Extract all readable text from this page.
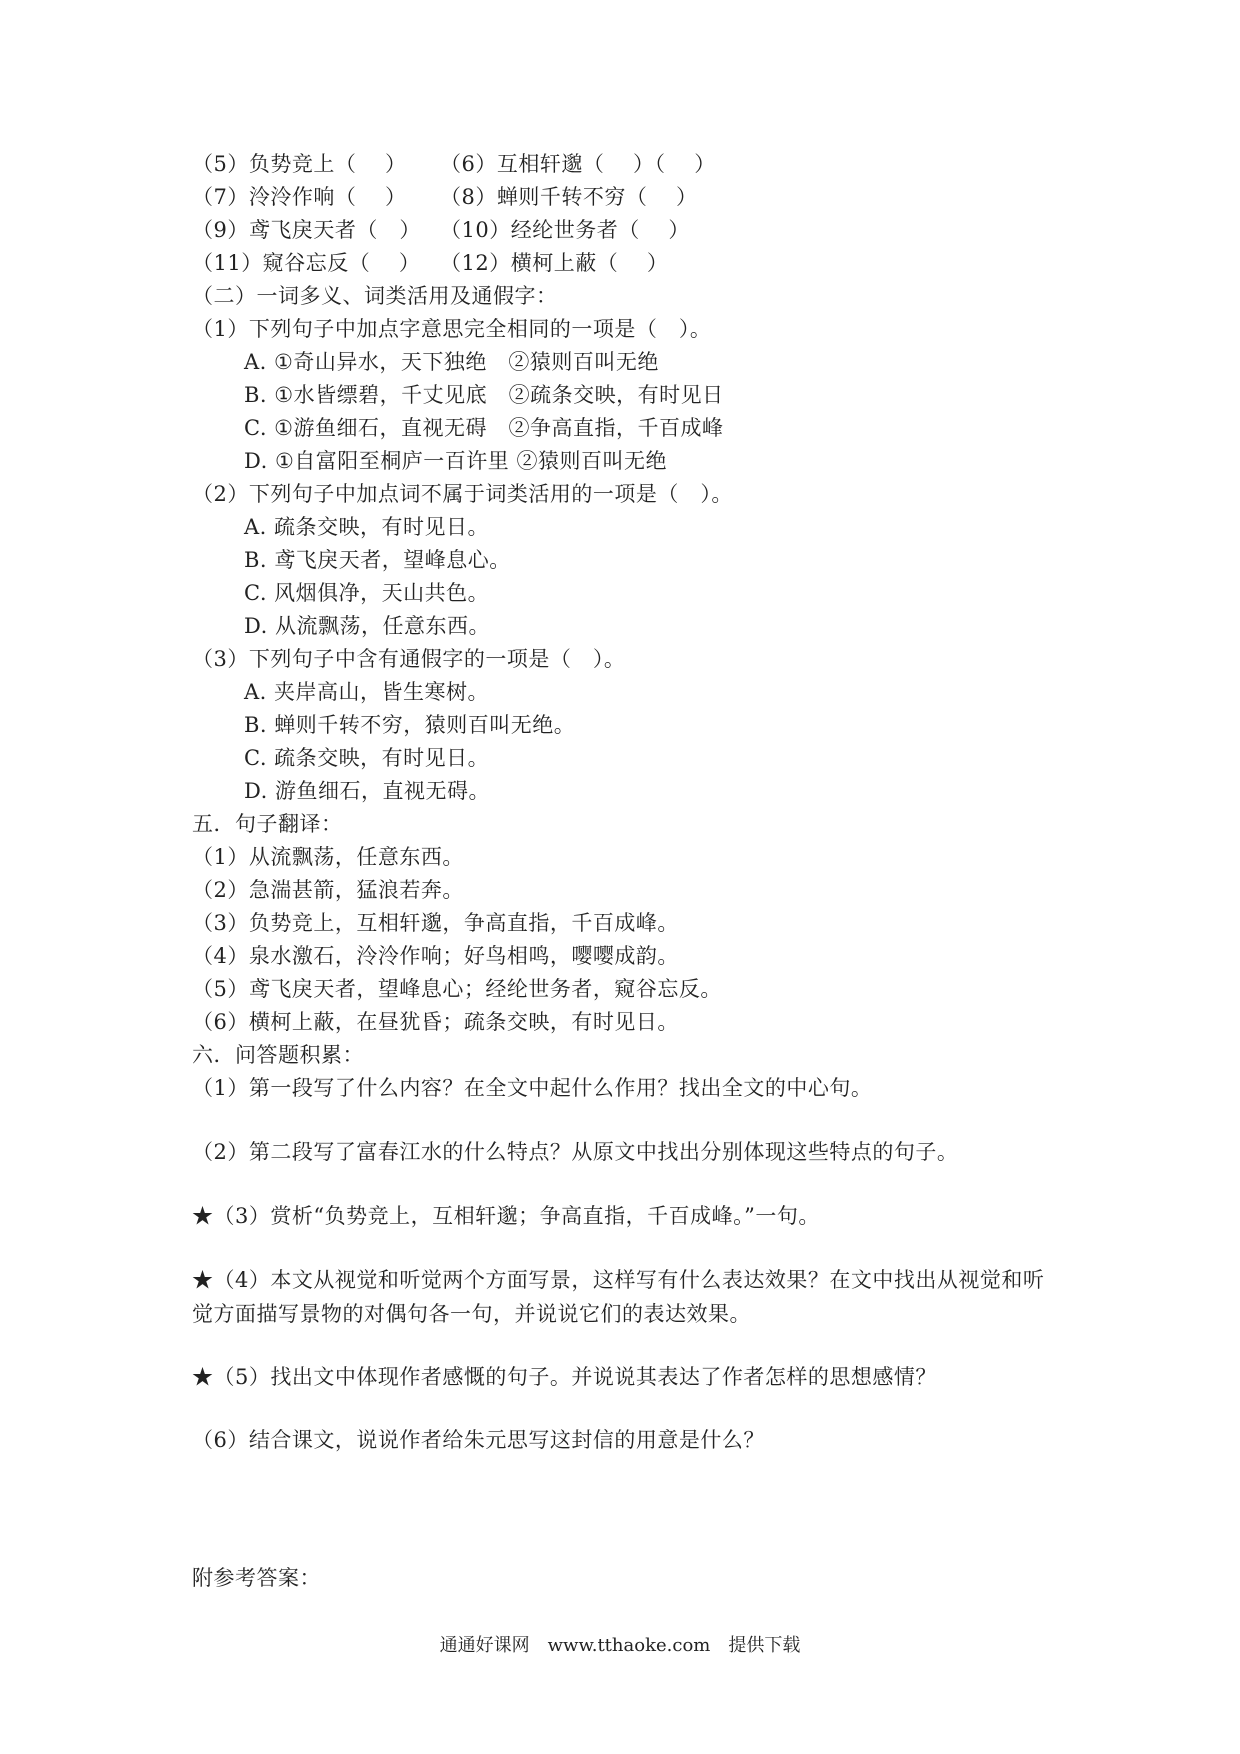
（5）负势竞上（　 ） （6）互相轩邈（　 ）（　 ）
（7）泠泠作响（　 ） （8）蝉则千转不穷（　 ）
（9）鸢飞戾天者（　） （10）经纶世务者（　 ）
（11）窥谷忘反（　 ） （12）横柯上蔽（　 ）
（二）一词多义、词类活用及通假字：
（1）下列句子中加点字意思完全相同的一项是（　）。
A. ①奇山异水，天下独绝　②猿则百叫无绝
B. ①水皆缥碧，千丈见底　②疏条交映，有时见日
C. ①游鱼细石，直视无碍　②争高直指，千百成峰
D. ①自富阳至桐庐一百许里 ②猿则百叫无绝
（2）下列句子中加点词不属于词类活用的一项是（　）。
A. 疏条交映，有时见日。
B. 鸢飞戾天者，望峰息心。
C. 风烟俱净，天山共色。
D. 从流飘荡，任意东西。
（3）下列句子中含有通假字的一项是（　）。
A. 夹岸高山，皆生寒树。
B. 蝉则千转不穷，猿则百叫无绝。
C. 疏条交映，有时见日。
D. 游鱼细石，直视无碍。
五．句子翻译：
（1）从流飘荡，任意东西。
（2）急湍甚箭，猛浪若奔。
（3）负势竞上，互相轩邈，争高直指，千百成峰。
（4）泉水激石，泠泠作响；好鸟相鸣，嘤嘤成韵。
（5）鸢飞戾天者，望峰息心；经纶世务者，窥谷忘反。
（6）横柯上蔽，在昼犹昏；疏条交映，有时见日。
六．问答题积累：
（1）第一段写了什么内容？在全文中起什么作用？找出全文的中心句。
（2）第二段写了富春江水的什么特点？从原文中找出分别体现这些特点的句子。
★（3）赏析“负势竞上，互相轩邈；争高直指，千百成峰。”一句。
★（4）本文从视觉和听觉两个方面写景，这样写有什么表达效果？在文中找出从视觉和听觉方面描写景物的对偶句各一句，并说说它们的表达效果。
★（5）找出文中体现作者感慨的句子。并说说其表达了作者怎样的思想感情？
（6）结合课文，说说作者给朱元思写这封信的用意是什么？
附参考答案：
通通好课网　www.tthaoke.com　提供下载
